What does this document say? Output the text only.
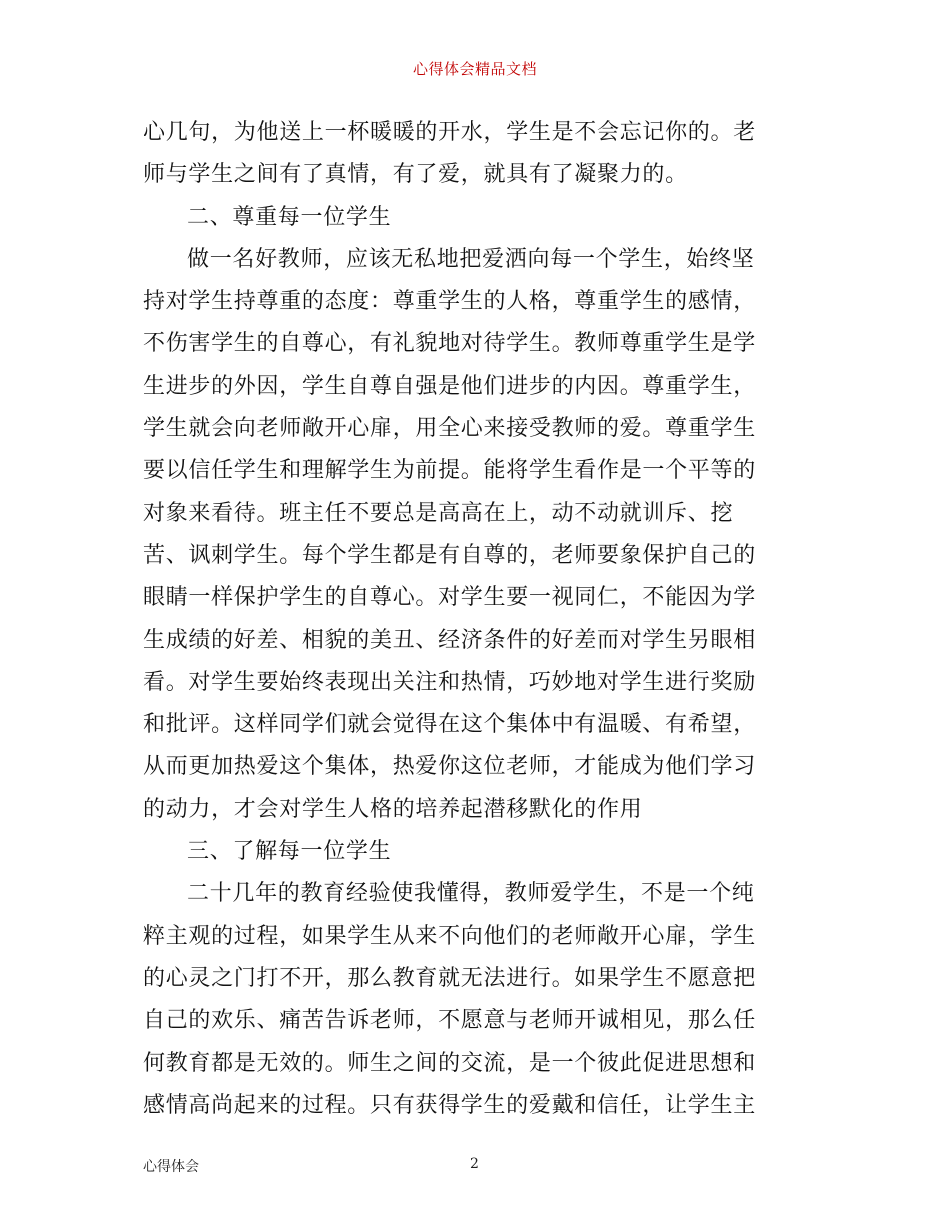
心得体会精品文档
心几句，为他送上一杯暖暖的开水，学生是不会忘记你的。老
师与学生之间有了真情，有了爱，就具有了凝聚力的。
二、尊重每一位学生
做一名好教师，应该无私地把爱洒向每一个学生，始终坚
持对学生持尊重的态度：尊重学生的人格，尊重学生的感情，
不伤害学生的自尊心，有礼貌地对待学生。教师尊重学生是学
生进步的外因，学生自尊自强是他们进步的内因。尊重学生，
学生就会向老师敞开心扉，用全心来接受教师的爱。尊重学生
要以信任学生和理解学生为前提。能将学生看作是一个平等的
对象来看待。班主任不要总是高高在上，动不动就训斥、挖
苦、讽刺学生。每个学生都是有自尊的，老师要象保护自己的
眼睛一样保护学生的自尊心。对学生要一视同仁，不能因为学
生成绩的好差、相貌的美丑、经济条件的好差而对学生另眼相
看。对学生要始终表现出关注和热情，巧妙地对学生进行奖励
和批评。这样同学们就会觉得在这个集体中有温暖、有希望，
从而更加热爱这个集体，热爱你这位老师，才能成为他们学习
的动力，才会对学生人格的培养起潜移默化的作用
三、了解每一位学生
二十几年的教育经验使我懂得，教师爱学生，不是一个纯
粹主观的过程，如果学生从来不向他们的老师敞开心扉，学生
的心灵之门打不开，那么教育就无法进行。如果学生不愿意把
自己的欢乐、痛苦告诉老师，不愿意与老师开诚相见，那么任
何教育都是无效的。师生之间的交流，是一个彼此促进思想和
感情高尚起来的过程。只有获得学生的爱戴和信任，让学生主
心得体会	2
